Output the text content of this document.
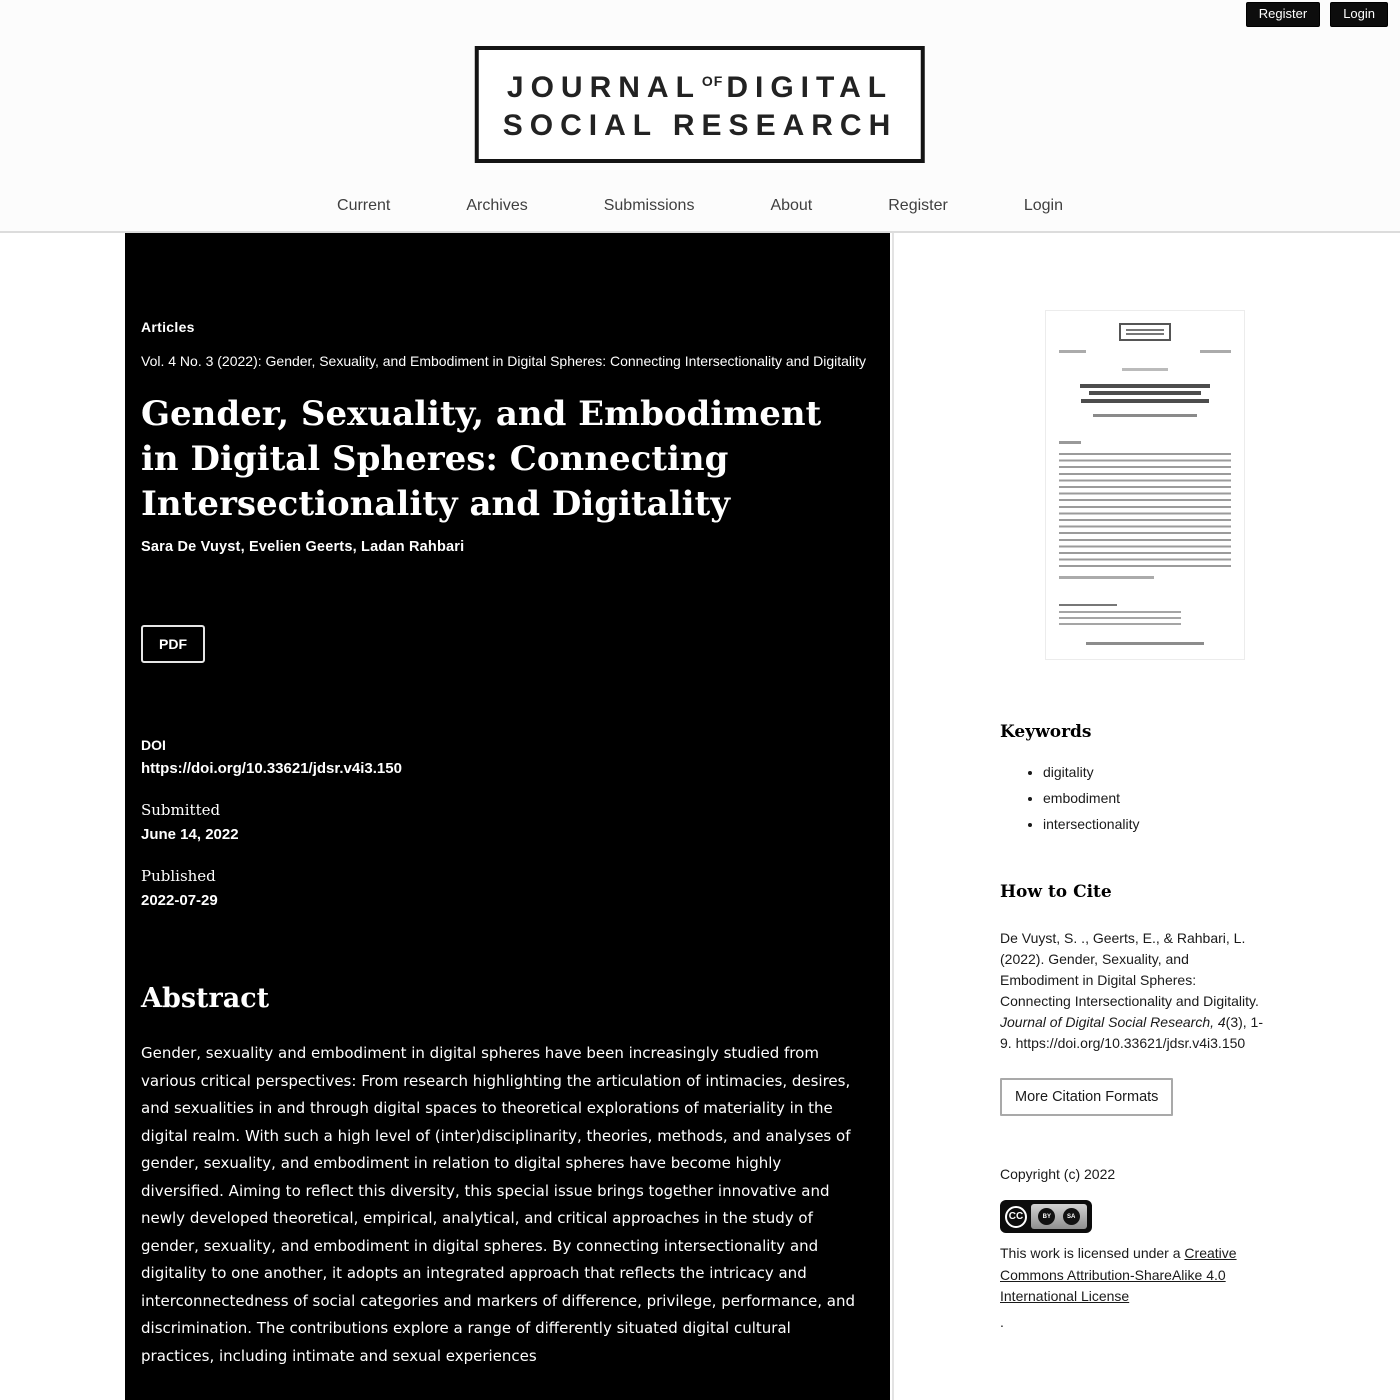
Register	Login
$JOURNAL^{OF}$ DIGITAL
SOCIAL RESEARCH
Current	Archives	Submissions	About	Register	Login
Articles
Vol. 4 No. 3 (2022): Gender, Sexuality, and Embodiment in Digital Spheres: Connecting Intersectionality and Digitality
Gender, Sexuality, and Embodiment in Digital Spheres: Connecting Intersectionality and Digitality
Sara De Vuyst, Evelien Geerts, Ladan Rahbari
PDF
DOI
https://doi.org/10.33621/jdsr.v4i3.150
Submitted
June 14, 2022
Published
2022-07-29
Abstract

Gender, sexuality and embodiment in digital spheres have been increasingly studied from various critical perspectives: From research highlighting the articulation of intimacies, desires, and sexualities in and through digital spaces to theoretical explorations of materiality in the digital realm. With such a high level of (inter)disciplinarity, theories, methods, and analyses of gender, sexuality, and embodiment in relation to digital spheres have become highly diversified. Aiming to reflect this diversity, this special issue brings together innovative and newly developed theoretical, empirical, analytical, and critical approaches in the study of gender, sexuality, and embodiment in digital spheres. By connecting intersectionality and digitality to one another, it adopts an integrated approach that reflects the intricacy and interconnectedness of social categories and markers of difference, privilege, performance, and discrimination. The contributions explore a range of differently situated digital cultural practices, including intimate and sexual experiences

Keywords
• digitality
• embodiment
• intersectionality
How to Cite

De Vuyst, S. ., Geerts, E., & Rahbari, L. (2022). Gender, Sexuality, and Embodiment in Digital Spheres: Connecting Intersectionality and Digitality. Journal of Digital Social Research, 4(3), 1-9. https://doi.org/10.33621/jdsr.v4i3.150

More Citation Formats

Copyright (c) 2022

CC	BY	SA

This work is licensed under a Creative Commons Attribution-ShareAlike 4.0 International License

.
